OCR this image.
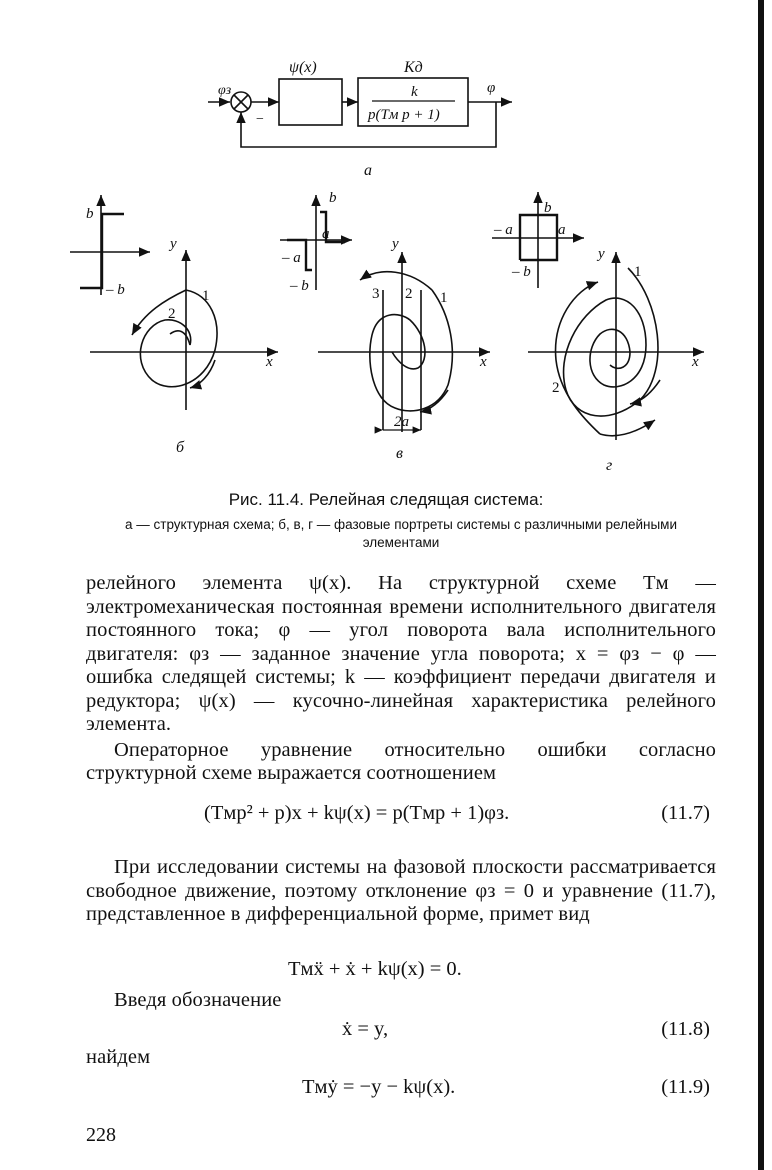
φз	φ
ψ(x)	Kд
k
p(Tм p + 1)
−
а
b
– b
y
x
1
2
б
b
a
– a
– b
y
x
1
2
3
2a
в
b
a
– a
– b
y
x
1
2
г
Рис. 11.4. Релейная следящая система:
а — структурная схема; б, в, г — фазовые портреты системы с различными релейными элементами

релейного элемента ψ(x). На структурной схеме Tм — электромеханическая постоянная времени исполнительного двигателя постоянного тока; φ — угол поворота вала исполнительного двигателя: φз — заданное значение угла поворота; x = φз − φ — ошибка следящей системы; k — коэффициент передачи двигателя и редуктора; ψ(x) — кусочно-линейная характеристика релейного элемента.

Операторное уравнение относительно ошибки согласно структурной схеме выражается соотношением

(Tмp² + p)x + kψ(x) = p(Tмp + 1)φз.	(11.7)

При исследовании системы на фазовой плоскости рассматривается свободное движение, поэтому отклонение φз = 0 и уравнение (11.7), представленное в дифференциальной форме, примет вид

Tмẍ + ẋ + kψ(x) = 0.

Введя обозначение

ẋ = y,	(11.8)

найдем

Tмẏ = −y − kψ(x).	(11.9)
228
